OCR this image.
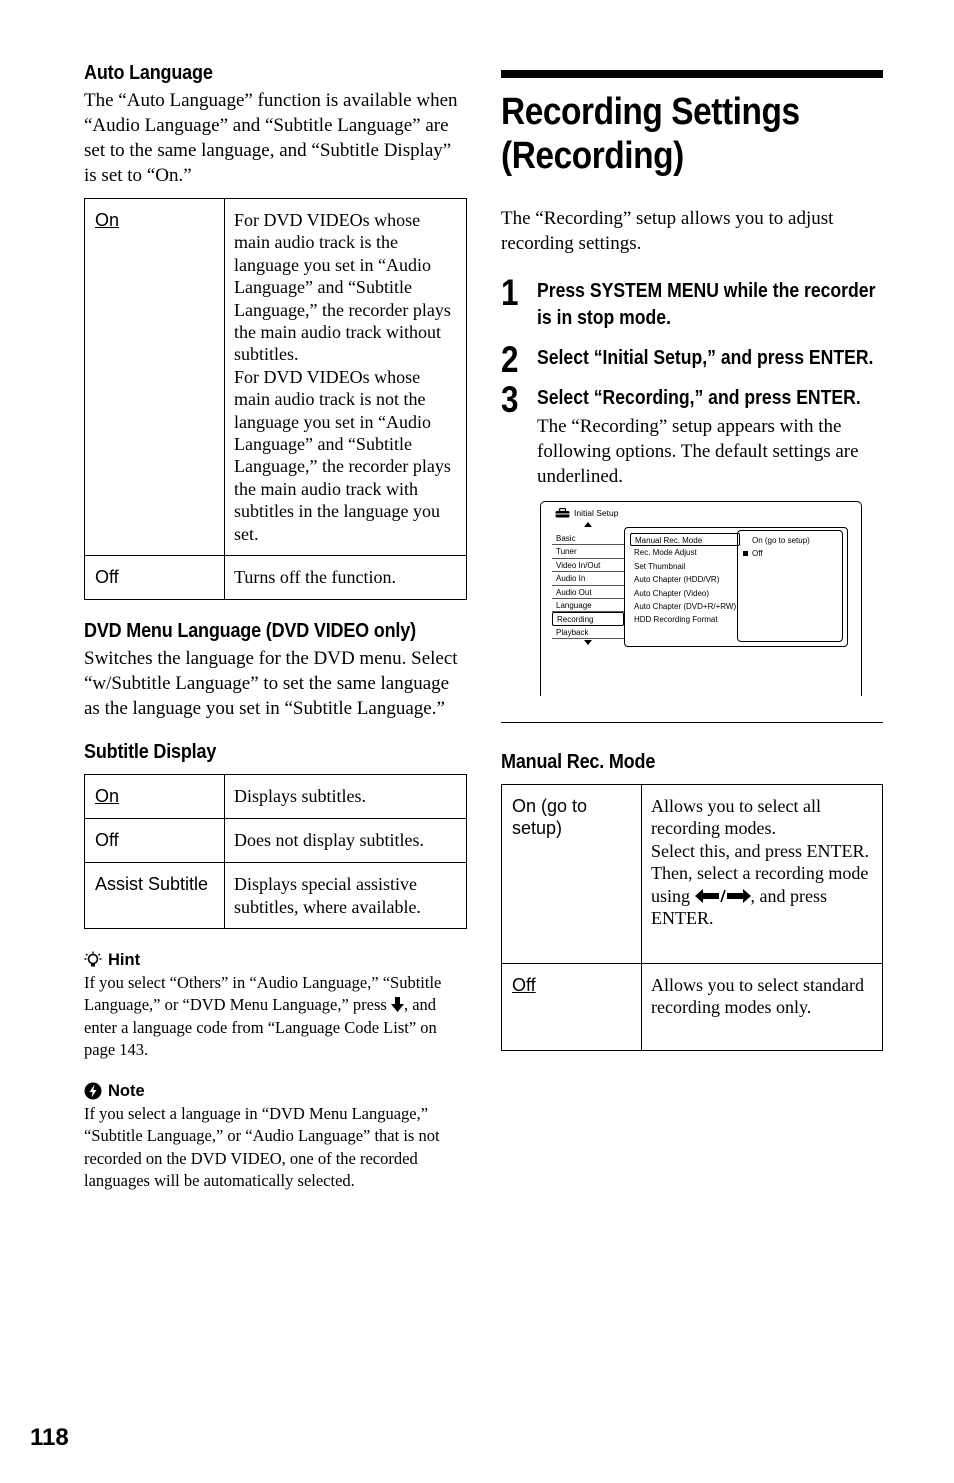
Auto Language

The “Auto Language” function is available when “Audio Language” and “Subtitle Language” are set to the same language, and “Subtitle Display” is set to “On.”

On	For DVD VIDEOs whose main audio track is the language you set in “Audio Language” and “Subtitle Language,” the recorder plays the main audio track without subtitles.
For DVD VIDEOs whose main audio track is not the language you set in “Audio Language” and “Subtitle Language,” the recorder plays the main audio track with subtitles in the language you set.
Off	Turns off the function.
DVD Menu Language (DVD VIDEO only)

Switches the language for the DVD menu. Select “w/Subtitle Language” to set the same language as the language you set in “Subtitle Language.”

Subtitle Display
On	Displays subtitles.
Off	Does not display subtitles.
Assist Subtitle	Displays special assistive subtitles, where available.
Hint

If you select “Others” in “Audio Language,” “Subtitle Language,” or “DVD Menu Language,” press , and enter a language code from “Language Code List” on page 143.

Note

If you select a language in “DVD Menu Language,” “Subtitle Language,” or “Audio Language” that is not recorded on the DVD VIDEO, one of the recorded languages will be automatically selected.

Recording Settings
(Recording)

The “Recording” setup allows you to adjust recording settings.

1 Press SYSTEM MENU while the recorder is in stop mode.
2 Select “Initial Setup,” and press ENTER.
3 Select “Recording,” and press ENTER.

The “Recording” setup appears with the following options. The default settings are underlined.

Initial Setup
Basic
Tuner
Video In/Out
Audio In
Audio Out
Language
Recording
Playback
Manual Rec. Mode
Rec. Mode Adjust
Set Thumbnail
Auto Chapter (HDD/VR)
Auto Chapter (Video)
Auto Chapter (DVD+R/+RW)
HDD Recording Format
On (go to setup)
Off
Manual Rec. Mode
On (go to setup)	Allows you to select all recording modes.
Select this, and press ENTER.
Then, select a recording mode using , and press ENTER.
Off	Allows you to select standard recording modes only.
118
